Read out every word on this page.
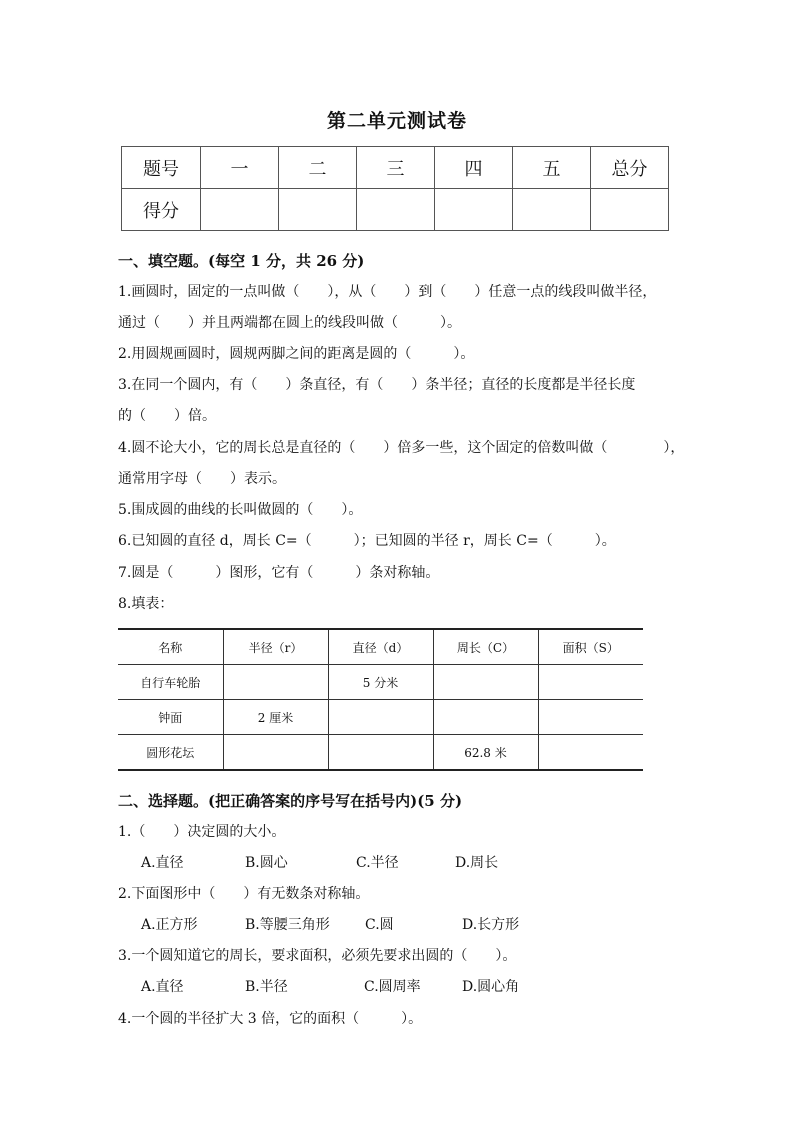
第二单元测试卷
题号	一	二	三	四	五	总分
得分						
一、填空题。(每空 1 分，共 26 分)
1.画圆时，固定的一点叫做（　　），从（　　）到（　　）任意一点的线段叫做半径，
通过（　　）并且两端都在圆上的线段叫做（　　　）。
2.用圆规画圆时，圆规两脚之间的距离是圆的（　　　）。
3.在同一个圆内，有（　　）条直径，有（　　）条半径；直径的长度都是半径长度
的（　　）倍。
4.圆不论大小，它的周长总是直径的（　　）倍多一些，这个固定的倍数叫做（　　　　），
通常用字母（　　）表示。
5.围成圆的曲线的长叫做圆的（　　）。
6.已知圆的直径 d，周长 C=（　　　）；已知圆的半径 r，周长 C=（　　　）。
7.圆是（　　　）图形，它有（　　　）条对称轴。
8.填表：
名称	半径（r）	直径（d）	周长（C）	面积（S）
自行车轮胎		5 分米		
钟面	2 厘米			
圆形花坛			62.8 米	
二、选择题。(把正确答案的序号写在括号内)(5 分)
1.（　　）决定圆的大小。
A.直径	B.圆心	C.半径	D.周长
2.下面图形中（　　）有无数条对称轴。
A.正方形	B.等腰三角形	C.圆	D.长方形
3.一个圆知道它的周长，要求面积，必须先要求出圆的（　　）。
A.直径	B.半径	C.圆周率	D.圆心角
4.一个圆的半径扩大 3 倍，它的面积（　　　）。
